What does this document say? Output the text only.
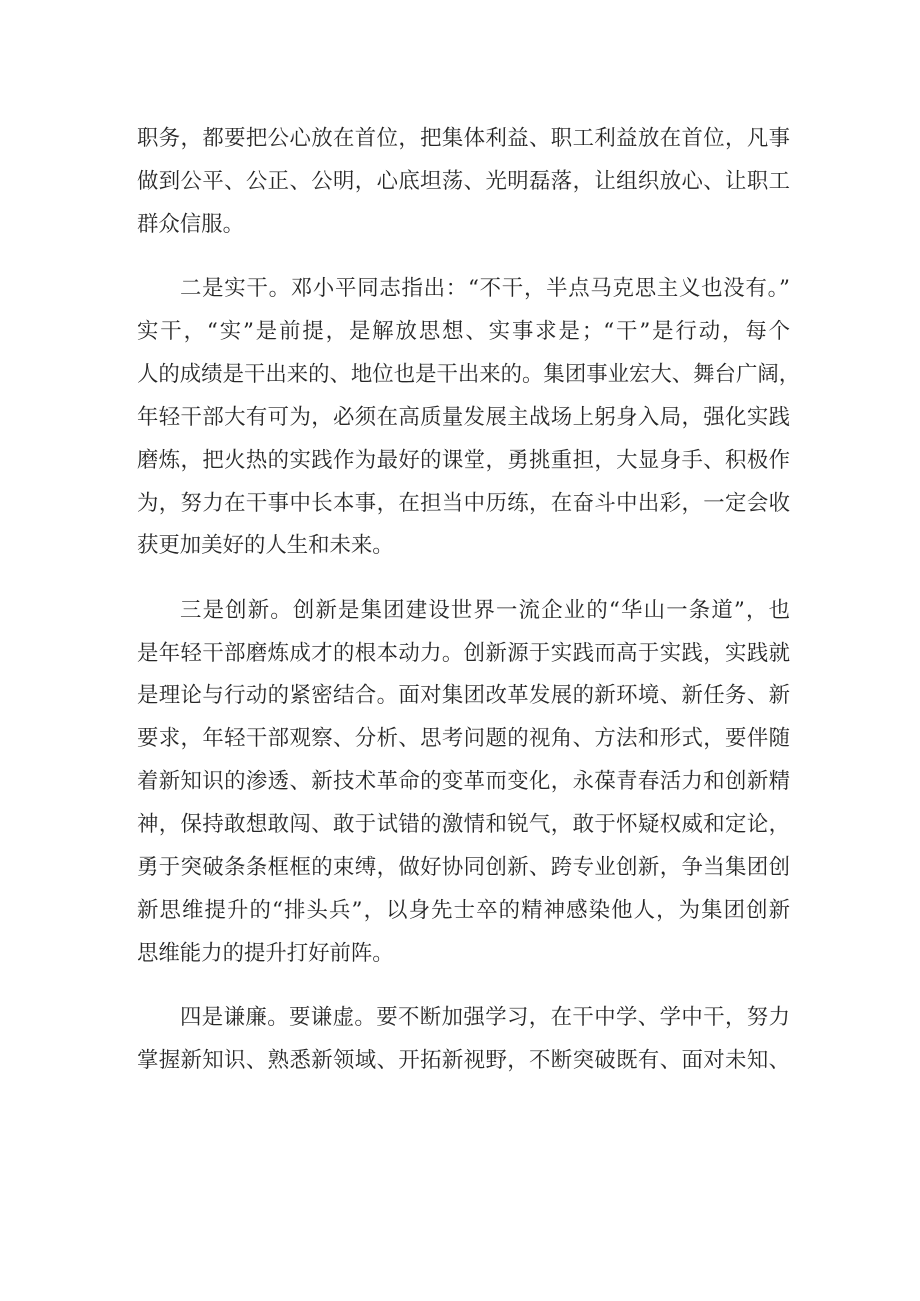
职务，都要把公心放在首位，把集体利益、职工利益放在首位，凡事
做到公平、公正、公明，心底坦荡、光明磊落，让组织放心、让职工
群众信服。
二是实干。邓小平同志指出：“不干，半点马克思主义也没有。”
实干，“实”是前提，是解放思想、实事求是；“干”是行动，每个
人的成绩是干出来的、地位也是干出来的。集团事业宏大、舞台广阔，
年轻干部大有可为，必须在高质量发展主战场上躬身入局，强化实践
磨炼，把火热的实践作为最好的课堂，勇挑重担，大显身手、积极作
为，努力在干事中长本事，在担当中历练，在奋斗中出彩，一定会收
获更加美好的人生和未来。
三是创新。创新是集团建设世界一流企业的“华山一条道”，也
是年轻干部磨炼成才的根本动力。创新源于实践而高于实践，实践就
是理论与行动的紧密结合。面对集团改革发展的新环境、新任务、新
要求，年轻干部观察、分析、思考问题的视角、方法和形式，要伴随
着新知识的渗透、新技术革命的变革而变化，永葆青春活力和创新精
神，保持敢想敢闯、敢于试错的激情和锐气，敢于怀疑权威和定论，
勇于突破条条框框的束缚，做好协同创新、跨专业创新，争当集团创
新思维提升的“排头兵”，以身先士卒的精神感染他人，为集团创新
思维能力的提升打好前阵。
四是谦廉。要谦虚。要不断加强学习，在干中学、学中干，努力
掌握新知识、熟悉新领域、开拓新视野，不断突破既有、面对未知、
